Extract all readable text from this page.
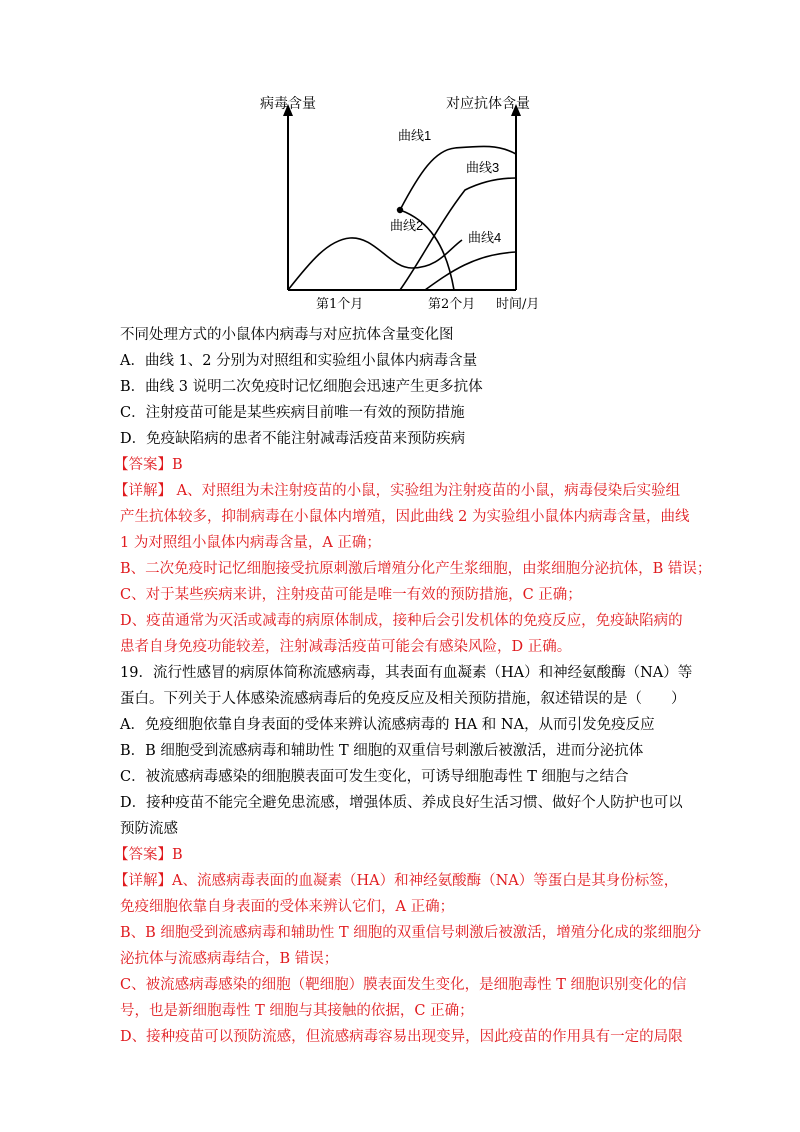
病毒含量	对应抗体含量
曲线1
曲线3
曲线2
曲线4
第1个月	第2个月 时间/月
不同处理方式的小鼠体内病毒与对应抗体含量变化图
A．曲线 1、2 分别为对照组和实验组小鼠体内病毒含量
B．曲线 3 说明二次免疫时记忆细胞会迅速产生更多抗体
C．注射疫苗可能是某些疾病目前唯一有效的预防措施
D．免疫缺陷病的患者不能注射减毒活疫苗来预防疾病
【答案】B
【详解】 A、对照组为未注射疫苗的小鼠，实验组为注射疫苗的小鼠，病毒侵染后实验组
产生抗体较多，抑制病毒在小鼠体内增殖，因此曲线 2 为实验组小鼠体内病毒含量，曲线
1 为对照组小鼠体内病毒含量，A 正确；
B、二次免疫时记忆细胞接受抗原刺激后增殖分化产生浆细胞，由浆细胞分泌抗体，B 错误；
C、对于某些疾病来讲，注射疫苗可能是唯一有效的预防措施，C 正确；
D、疫苗通常为灭活或减毒的病原体制成，接种后会引发机体的免疫反应，免疫缺陷病的
患者自身免疫功能较差，注射减毒活疫苗可能会有感染风险，D 正确。
19．流行性感冒的病原体简称流感病毒，其表面有血凝素（HA）和神经氨酸酶（NA）等
蛋白。下列关于人体感染流感病毒后的免疫反应及相关预防措施，叙述错误的是（　　）
A．免疫细胞依靠自身表面的受体来辨认流感病毒的 HA 和 NA，从而引发免疫反应
B．B 细胞受到流感病毒和辅助性 T 细胞的双重信号刺激后被激活，进而分泌抗体
C．被流感病毒感染的细胞膜表面可发生变化，可诱导细胞毒性 T 细胞与之结合
D．接种疫苗不能完全避免患流感，增强体质、养成良好生活习惯、做好个人防护也可以
预防流感
【答案】B
【详解】A、流感病毒表面的血凝素（HA）和神经氨酸酶（NA）等蛋白是其身份标签，
免疫细胞依靠自身表面的受体来辨认它们，A 正确；
B、B 细胞受到流感病毒和辅助性 T 细胞的双重信号刺激后被激活，增殖分化成的浆细胞分
泌抗体与流感病毒结合，B 错误；
C、被流感病毒感染的细胞（靶细胞）膜表面发生变化，是细胞毒性 T 细胞识别变化的信
号，也是新细胞毒性 T 细胞与其接触的依据，C 正确；
D、接种疫苗可以预防流感，但流感病毒容易出现变异，因此疫苗的作用具有一定的局限
